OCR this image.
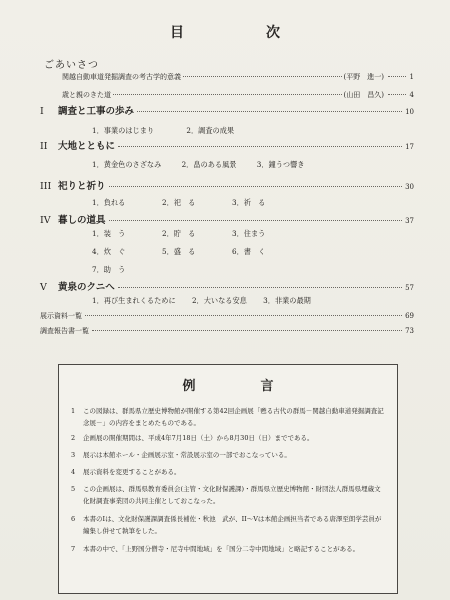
目　次
ごあいさつ
関越自動車道発掘調査の考古学的意義	(平野　進一)	1
歳と親のきた道	(山田　昌久)	4
I	調査と工事の歩み	10
1．事業のはじまり	2．調査の成果
II	大地とともに	17
1．黄金色のさざなみ	2．畠のある風景	3．鐘うつ響き
III 祀りと祈り	30
1．負れる	2．祀　る	3．祈　る
IV 暮しの道具	37
1．装　う	2．貯　る	3．住まう
4．炊　ぐ	5．盛　る	6．書　く
7．助　う
V	黄泉のクニへ	57
1．再び生まれくるために 2．大いなる安息 3．非業の最期
展示資料一覧	69
調査報告書一覧	73
例　言
1	この図録は、群馬県立歴史博物館が開催する第42回企画展「甦る古代の群馬－関越自動車道発掘調査記念展－」の内容をまとめたものである。
2	企画展の開催期間は、平成4年7月18日（土）から8月30日（日）までである。
3	展示は本館ホール・企画展示室・常設展示室の一部でおこなっている。
4	展示資料を変更することがある。
5	この企画展は、群馬県教育委員会(主管・文化財保護課)・群馬県立歴史博物館・財団法人群馬県埋蔵文化財調査事業団の共同主催としておこなった。
6	本書のIは、文化財保護課調査係長補佐・秋池　武が、II～Vは本館企画担当者である唐澤至朗学芸員が編集し併せて執筆をした。
7	本書の中で、「上野国分僧寺・尼寺中間地域」を「国分二寺中間地域」と略記することがある。
